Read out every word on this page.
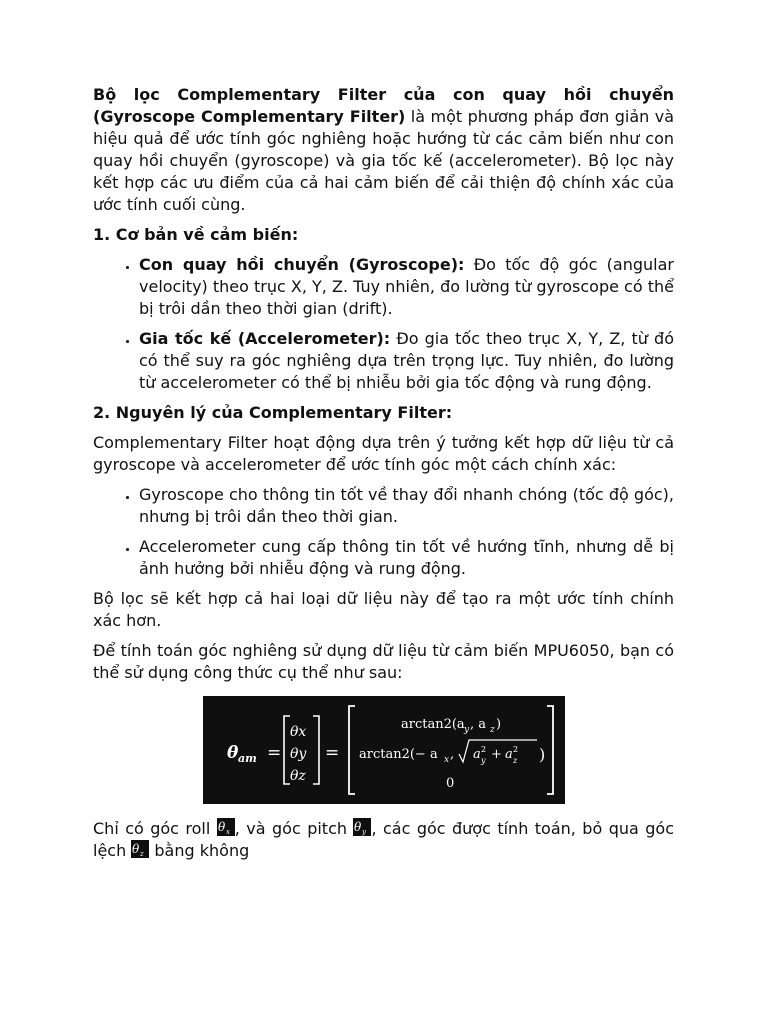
Bộ lọc Complementary Filter của con quay hồi chuyển (Gyroscope Complementary Filter) là một phương pháp đơn giản và hiệu quả để ước tính góc nghiêng hoặc hướng từ các cảm biến như con quay hồi chuyển (gyroscope) và gia tốc kế (accelerometer). Bộ lọc này kết hợp các ưu điểm của cả hai cảm biến để cải thiện độ chính xác của ước tính cuối cùng.

1. Cơ bản về cảm biến:
• Con quay hồi chuyển (Gyroscope): Đo tốc độ góc (angular velocity) theo trục X, Y, Z. Tuy nhiên, đo lường từ gyroscope có thể bị trôi dần theo thời gian (drift).
• Gia tốc kế (Accelerometer): Đo gia tốc theo trục X, Y, Z, từ đó có thể suy ra góc nghiêng dựa trên trọng lực. Tuy nhiên, đo lường từ accelerometer có thể bị nhiễu bởi gia tốc động và rung động.
2. Nguyên lý của Complementary Filter:

Complementary Filter hoạt động dựa trên ý tưởng kết hợp dữ liệu từ cả gyroscope và accelerometer để ước tính góc một cách chính xác:

• Gyroscope cho thông tin tốt về thay đổi nhanh chóng (tốc độ góc), nhưng bị trôi dần theo thời gian.
• Accelerometer cung cấp thông tin tốt về hướng tĩnh, nhưng dễ bị ảnh hưởng bởi nhiễu động và rung động.

Bộ lọc sẽ kết hợp cả hai loại dữ liệu này để tạo ra một ước tính chính xác hơn.

Để tính toán góc nghiêng sử dụng dữ liệu từ cảm biến MPU6050, bạn có thể sử dụng công thức cụ thể như sau:

θ am =
θx
θy
θz
=
arctan2(a y , a z )
arctan2(− a x , a 2
y + a 2
z )
0

Chỉ có góc roll θ x , và góc pitch θ y , các góc được tính toán, bỏ qua góc lệch θ z bằng không
